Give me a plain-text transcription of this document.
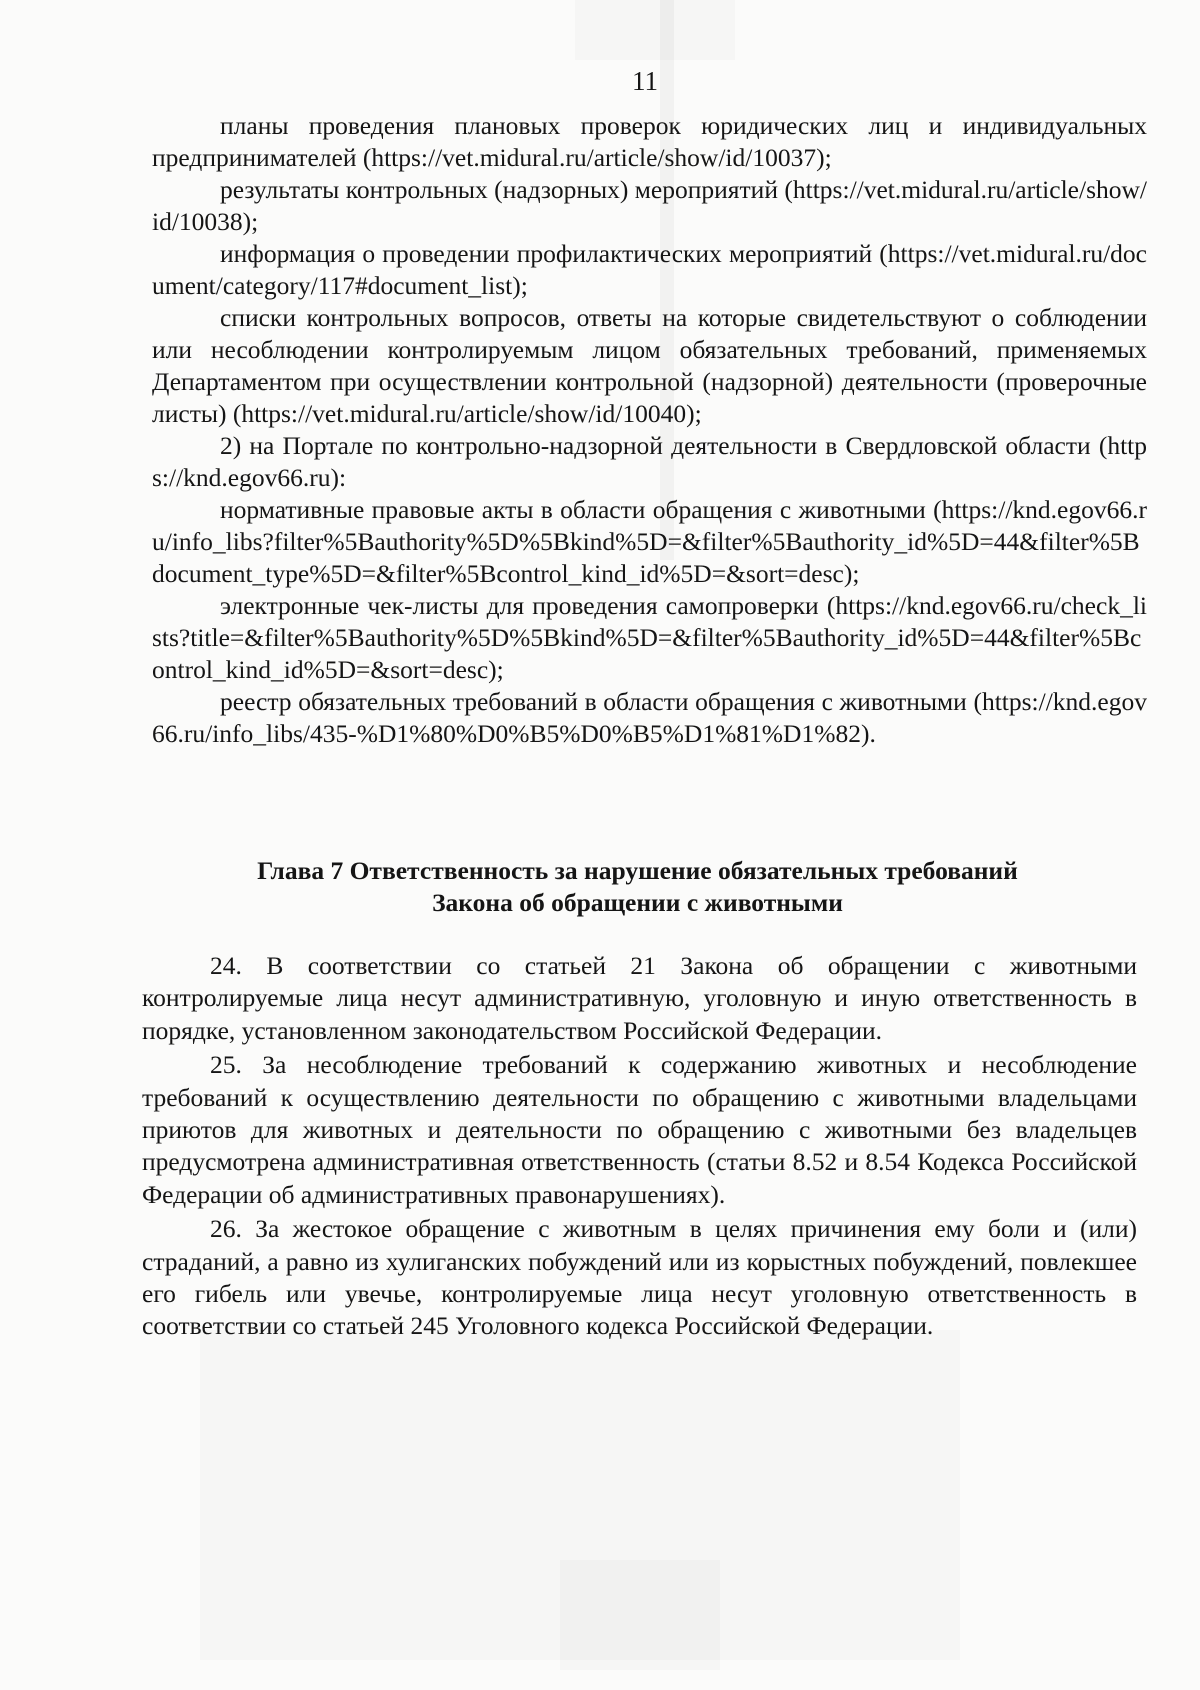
11

планы проведения плановых проверок юридических лиц и индивидуальных предпринимателей (https://vet.midural.ru/article/show/id/10037);

результаты контрольных (надзорных) мероприятий (https://vet.midural.ru/article/show/id/10038);

информация о проведении профилактических мероприятий (https://vet.midural.ru/document/category/117#document_list);

списки контрольных вопросов, ответы на которые свидетельствуют о соблюдении или несоблюдении контролируемым лицом обязательных требований, применяемых Департаментом при осуществлении контрольной (надзорной) деятельности (проверочные листы) (https://vet.midural.ru/article/show/id/10040);

2) на Портале по контрольно-надзорной деятельности в Свердловской области (https://knd.egov66.ru):

нормативные правовые акты в области обращения с животными (https://knd.egov66.ru/info_libs?filter%5Bauthority%5D%5Bkind%5D=&filter%5Bauthority_id%5D=44&filter%5Bdocument_type%5D=&filter%5Bcontrol_kind_id%5D=&sort=desc);

электронные чек-листы для проведения самопроверки (https://knd.egov66.ru/check_lists?title=&filter%5Bauthority%5D%5Bkind%5D=&filter%5Bauthority_id%5D=44&filter%5Bcontrol_kind_id%5D=&sort=desc);

реестр обязательных требований в области обращения с животными (https://knd.egov66.ru/info_libs/435-%D1%80%D0%B5%D0%B5%D1%81%D1%82).

Глава 7 Ответственность за нарушение обязательных требований
Закона об обращении с животными

24. В соответствии со статьей 21 Закона об обращении с животными контролируемые лица несут административную, уголовную и иную ответственность в порядке, установленном законодательством Российской Федерации.

25. За несоблюдение требований к содержанию животных и несоблюдение требований к осуществлению деятельности по обращению с животными владельцами приютов для животных и деятельности по обращению с животными без владельцев предусмотрена административная ответственность (статьи 8.52 и 8.54 Кодекса Российской Федерации об административных правонарушениях).

26. За жестокое обращение с животным в целях причинения ему боли и (или) страданий, а равно из хулиганских побуждений или из корыстных побуждений, повлекшее его гибель или увечье, контролируемые лица несут уголовную ответственность в соответствии со статьей 245 Уголовного кодекса Российской Федерации.
